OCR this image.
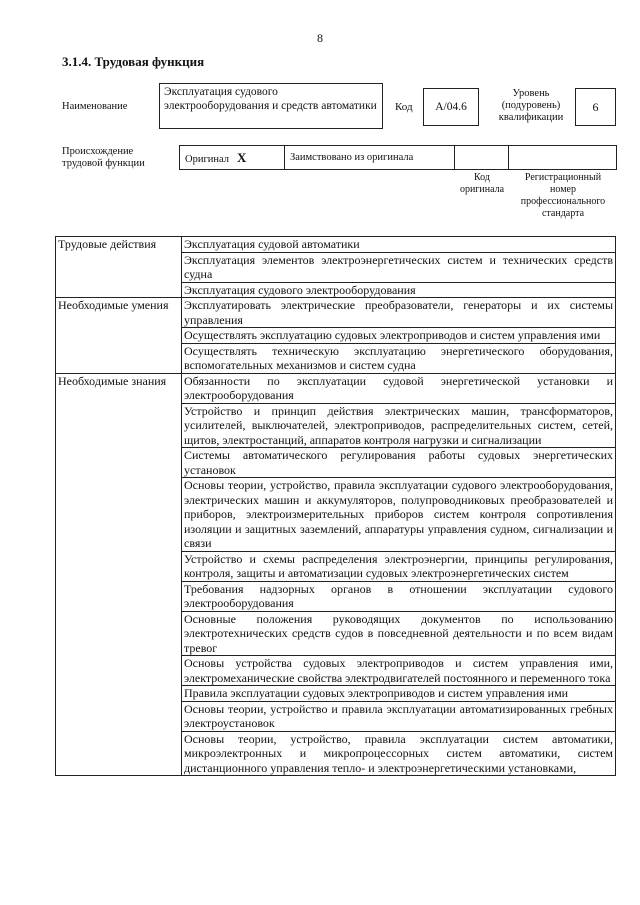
8
3.1.4. Трудовая функция
Наименование
Эксплуатация судового электрооборудования и средств автоматики	Код A/04.6
Уровень
(подуровень)
квалификации
6
Происхождение
трудовой функции	Оригинал X	Заимствовано из оригинала		
Код
оригинала
Регистрационный
номер
профессионального
стандарта
Трудовые действия	Эксплуатация судовой автоматики
	Эксплуатация элементов электроэнергетических систем и технических средств судна
	Эксплуатация судового электрооборудования
Необходимые умения	Эксплуатировать электрические преобразователи, генераторы и их системы управления
	Осуществлять эксплуатацию судовых электроприводов и систем управления ими
	Осуществлять техническую эксплуатацию энергетического оборудования, вспомогательных механизмов и систем судна
Необходимые знания	Обязанности по эксплуатации судовой энергетической установки и электрооборудования
	Устройство и принцип действия электрических машин, трансформаторов, усилителей, выключателей, электроприводов, распределительных систем, сетей, щитов, электростанций, аппаратов контроля нагрузки и сигнализации
	Системы автоматического регулирования работы судовых энергетических установок
	Основы теории, устройство, правила эксплуатации судового электрооборудования, электрических машин и аккумуляторов, полупроводниковых преобразователей и приборов, электроизмерительных приборов систем контроля сопротивления изоляции и защитных заземлений, аппаратуры управления судном, сигнализации и связи
	Устройство и схемы распределения электроэнергии, принципы регулирования, контроля, защиты и автоматизации судовых электроэнергетических систем
	Требования надзорных органов в отношении эксплуатации судового электрооборудования
	Основные положения руководящих документов по использованию электротехнических средств судов в повседневной деятельности и по всем видам тревог
	Основы устройства судовых электроприводов и систем управления ими, электромеханические свойства электродвигателей постоянного и переменного тока
	Правила эксплуатации судовых электроприводов и систем управления ими
	Основы теории, устройство и правила эксплуатации автоматизированных гребных электроустановок
	Основы теории, устройство, правила эксплуатации систем автоматики, микроэлектронных и микропроцессорных систем автоматики, систем дистанционного управления тепло- и электроэнергетическими установками,
